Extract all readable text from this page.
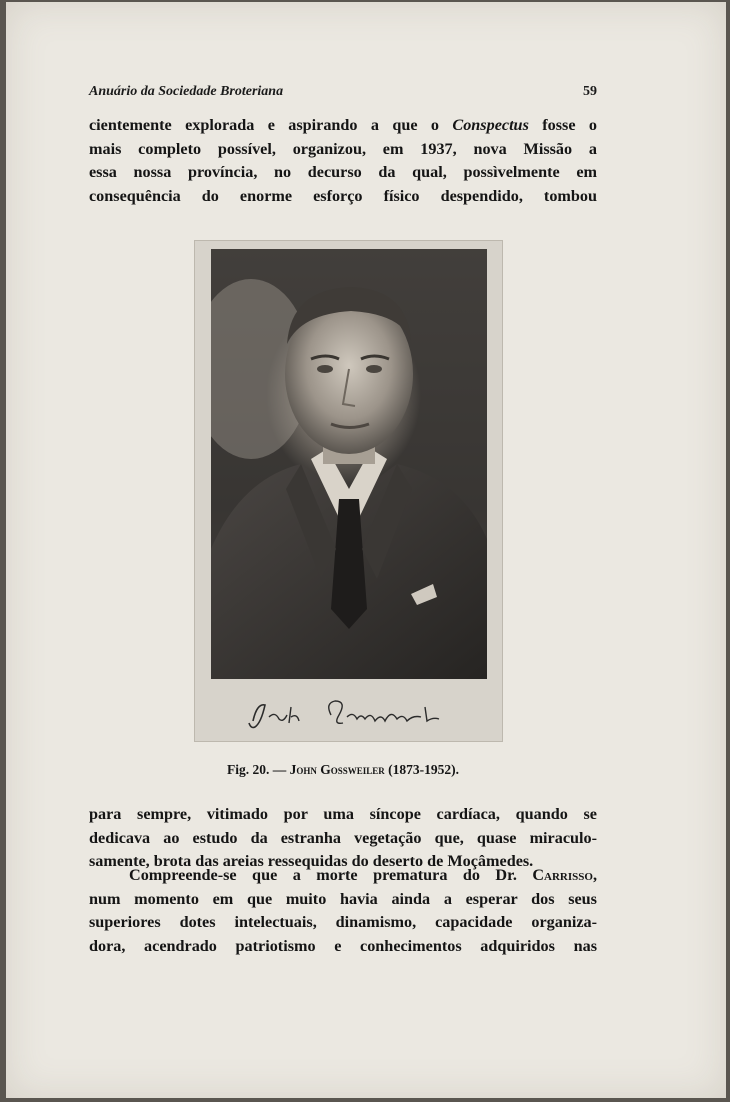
Anuário da Sociedade Broteriana	59
cientemente explorada e aspirando a que o Conspectus fosse o
mais completo possível, organizou, em 1937, nova Missão a
essa nossa província, no decurso da qual, possìvelmente em
consequência do enorme esforço físico despendido, tombou
Fig. 20. — John Gossweiler (1873-1952).
para sempre, vitimado por uma síncope cardíaca, quando se
dedicava ao estudo da estranha vegetação que, quase miraculo-
samente, brota das areias ressequidas do deserto de Moçâmedes.
Compreende-se que a morte prematura do Dr. Carrisso,
num momento em que muito havia ainda a esperar dos seus
superiores dotes intelectuais, dinamismo, capacidade organiza-
dora, acendrado patriotismo e conhecimentos adquiridos nas
